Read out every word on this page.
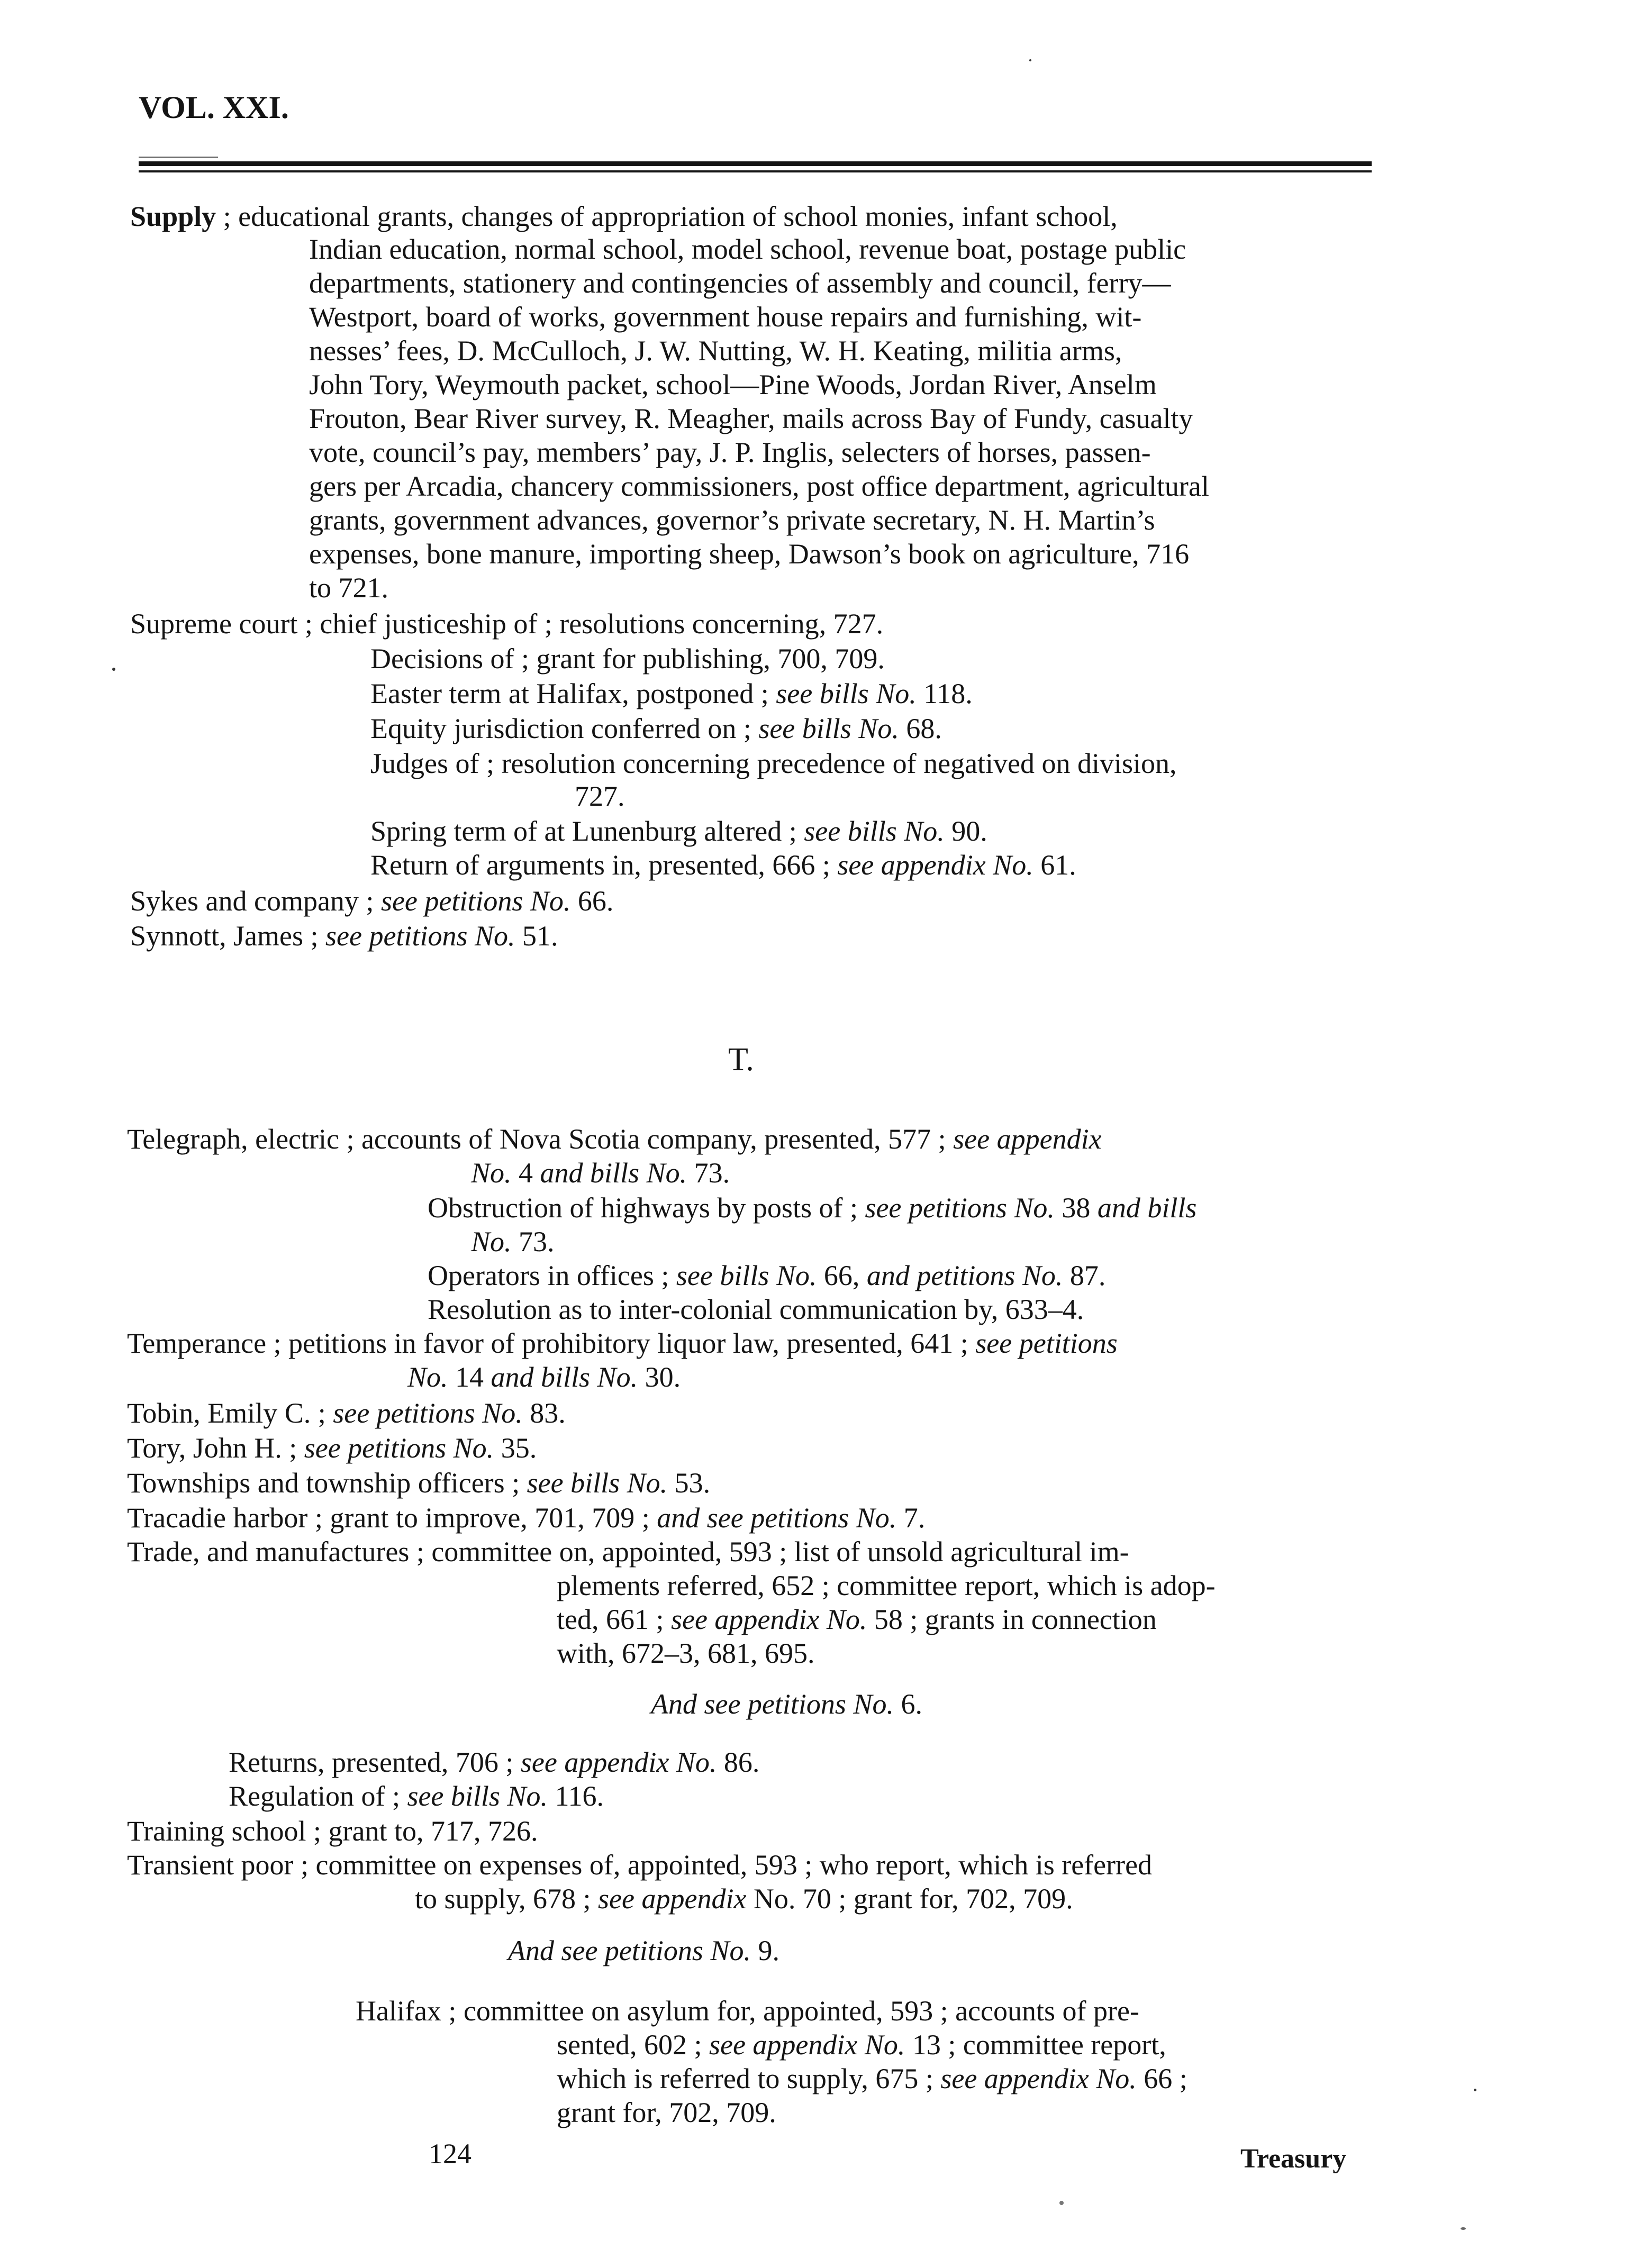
VOL. XXI.
Supply ; educational grants, changes of appropriation of school monies, infant school,
Indian education, normal school, model school, revenue boat, postage public
departments, stationery and contingencies of assembly and council, ferry—
Westport, board of works, government house repairs and furnishing, wit-
nesses’ fees, D. McCulloch, J. W. Nutting, W. H. Keating, militia arms,
John Tory, Weymouth packet, school—Pine Woods, Jordan River, Anselm
Frouton, Bear River survey, R. Meagher, mails across Bay of Fundy, casualty
vote, council’s pay, members’ pay, J. P. Inglis, selecters of horses, passen-
gers per Arcadia, chancery commissioners, post office department, agricultural
grants, government advances, governor’s private secretary, N. H. Martin’s
expenses, bone manure, importing sheep, Dawson’s book on agriculture, 716
to 721.
Supreme court ; chief justiceship of ; resolutions concerning, 727.
Decisions of ; grant for publishing, 700, 709.
Easter term at Halifax, postponed ; see bills No. 118.
Equity jurisdiction conferred on ; see bills No. 68.
Judges of ; resolution concerning precedence of negatived on division,
727.
Spring term of at Lunenburg altered ; see bills No. 90.
Return of arguments in, presented, 666 ; see appendix No. 61.
Sykes and company ; see petitions No. 66.
Synnott, James ; see petitions No. 51.
T.
Telegraph, electric ; accounts of Nova Scotia company, presented, 577 ; see appendix
No. 4 and bills No. 73.
Obstruction of highways by posts of ; see petitions No. 38 and bills
No. 73.
Operators in offices ; see bills No. 66, and petitions No. 87.
Resolution as to inter-colonial communication by, 633–4.
Temperance ; petitions in favor of prohibitory liquor law, presented, 641 ; see petitions
No. 14 and bills No. 30.
Tobin, Emily C. ; see petitions No. 83.
Tory, John H. ; see petitions No. 35.
Townships and township officers ; see bills No. 53.
Tracadie harbor ; grant to improve, 701, 709 ; and see petitions No. 7.
Trade, and manufactures ; committee on, appointed, 593 ; list of unsold agricultural im-
plements referred, 652 ; committee report, which is adop-
ted, 661 ; see appendix No. 58 ; grants in connection
with, 672–3, 681, 695.
And see petitions No. 6.
Returns, presented, 706 ; see appendix No. 86.
Regulation of ; see bills No. 116.
Training school ; grant to, 717, 726.
Transient poor ; committee on expenses of, appointed, 593 ; who report, which is referred
to supply, 678 ; see appendix No. 70 ; grant for, 702, 709.
And see petitions No. 9.
Halifax ; committee on asylum for, appointed, 593 ; accounts of pre-
sented, 602 ; see appendix No. 13 ; committee report,
which is referred to supply, 675 ; see appendix No. 66 ;
grant for, 702, 709.
124	Treasury
